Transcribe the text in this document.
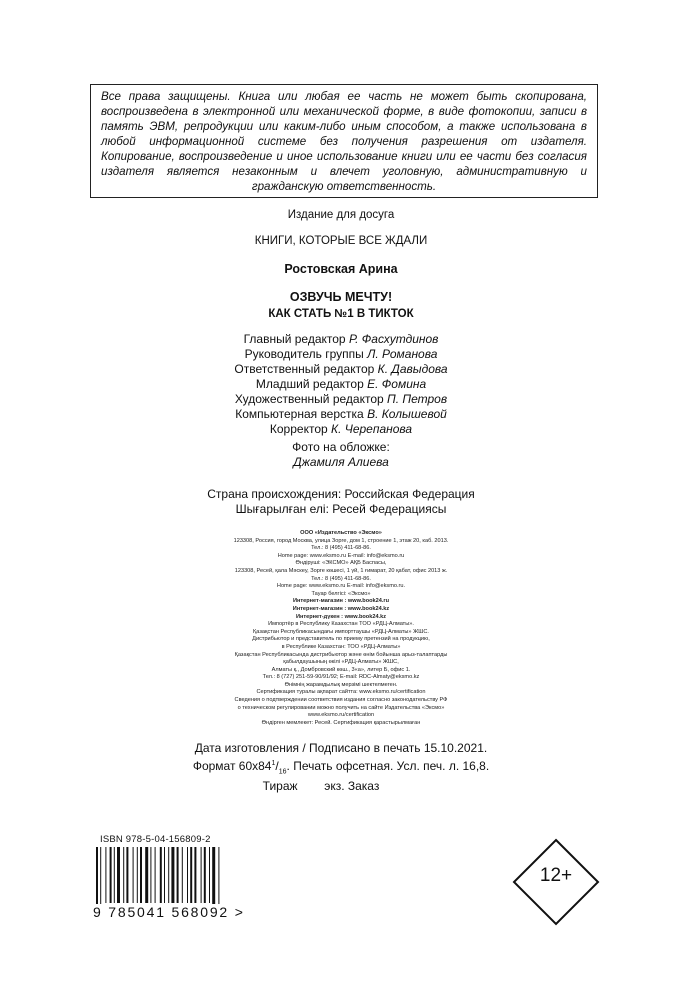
Все права защищены. Книга или любая ее часть не может быть скопирована, воспроизведена в электронной или механической форме, в виде фотокопии, записи в память ЭВМ, репродукции или каким-либо иным способом, а также использована в любой информационной системе без получения разрешения от издателя. Копирование, воспроизведение и иное использование книги или ее части без согласия издателя является незаконным и влечет уголовную, административную и гражданскую ответственность.
Издание для досуга
КНИГИ, КОТОРЫЕ ВСЕ ЖДАЛИ
Ростовская Арина
ОЗВУЧЬ МЕЧТУ!
КАК СТАТЬ №1 В ТИКТОК
Главный редактор Р. Фасхутдинов
Руководитель группы Л. Романова
Ответственный редактор К. Давыдова
Младший редактор Е. Фомина
Художественный редактор П. Петров
Компьютерная верстка В. Колышевой
Корректор К. Черепанова
Фото на обложке:
Джамиля Алиева
Страна происхождения: Российская Федерация
Шығарылған елі: Ресей Федерациясы
ООО «Издательство «Эксмо»
123308, Россия, город Москва, улица Зорге, дом 1, строение 1, этаж 20, каб. 2013.
Тел.: 8 (495) 411-68-86.
Home page: www.eksmo.ru E-mail: info@eksmo.ru
Өндіруші: «ЭКСМО» АҚБ Баспасы,
123308, Ресей, қала Мәскеу, Зорге көшесі, 1 үй, 1 ғимарат, 20 қабат, офис 2013 ж.
Тел.: 8 (495) 411-68-86.
Home page: www.eksmo.ru E-mail: info@eksmo.ru.
Тауар белгісі: «Эксмо»
Интернет-магазин : www.book24.ru
Интернет-магазин : www.book24.kz
Интернет-дүкен : www.book24.kz
Импортёр в Республику Казахстан ТОО «РДЦ-Алматы».
Қазақстан Республикасындағы импорттаушы «РДЦ-Алматы» ЖШС.
Дистрибьютор и представитель по приему претензий на продукцию,
в Республике Казахстан: ТОО «РДЦ-Алматы»
Қазақстан Республикасында дистрибьютор және өнім бойынша арыз-талаптарды
қабылдаушының өкілі «РДЦ-Алматы» ЖШС,
Алматы қ., Домбровский көш., 3«а», литер Б, офис 1.
Тел.: 8 (727) 251-59-90/91/92; E-mail: RDC-Almaty@eksmo.kz
Өнімнің жарамдылық мерзімі шектелмеген.
Сертификация туралы ақпарат сайтта: www.eksmo.ru/certification
Сведения о подтверждении соответствия издания согласно законодательству РФ
о техническом регулировании можно получить на сайте Издательства «Эксмо»
www.eksmo.ru/certification
Өндірген мемлекет: Ресей. Сертификация қарастырылмаған
Дата изготовления / Подписано в печать 15.10.2021.
Формат $60x84^1/_{16}$. Печать офсетная. Усл. печ. л. 16,8.
Тираж        экз. Заказ
ISBN 978-5-04-156809-2
9 785041 568092 >
12+
